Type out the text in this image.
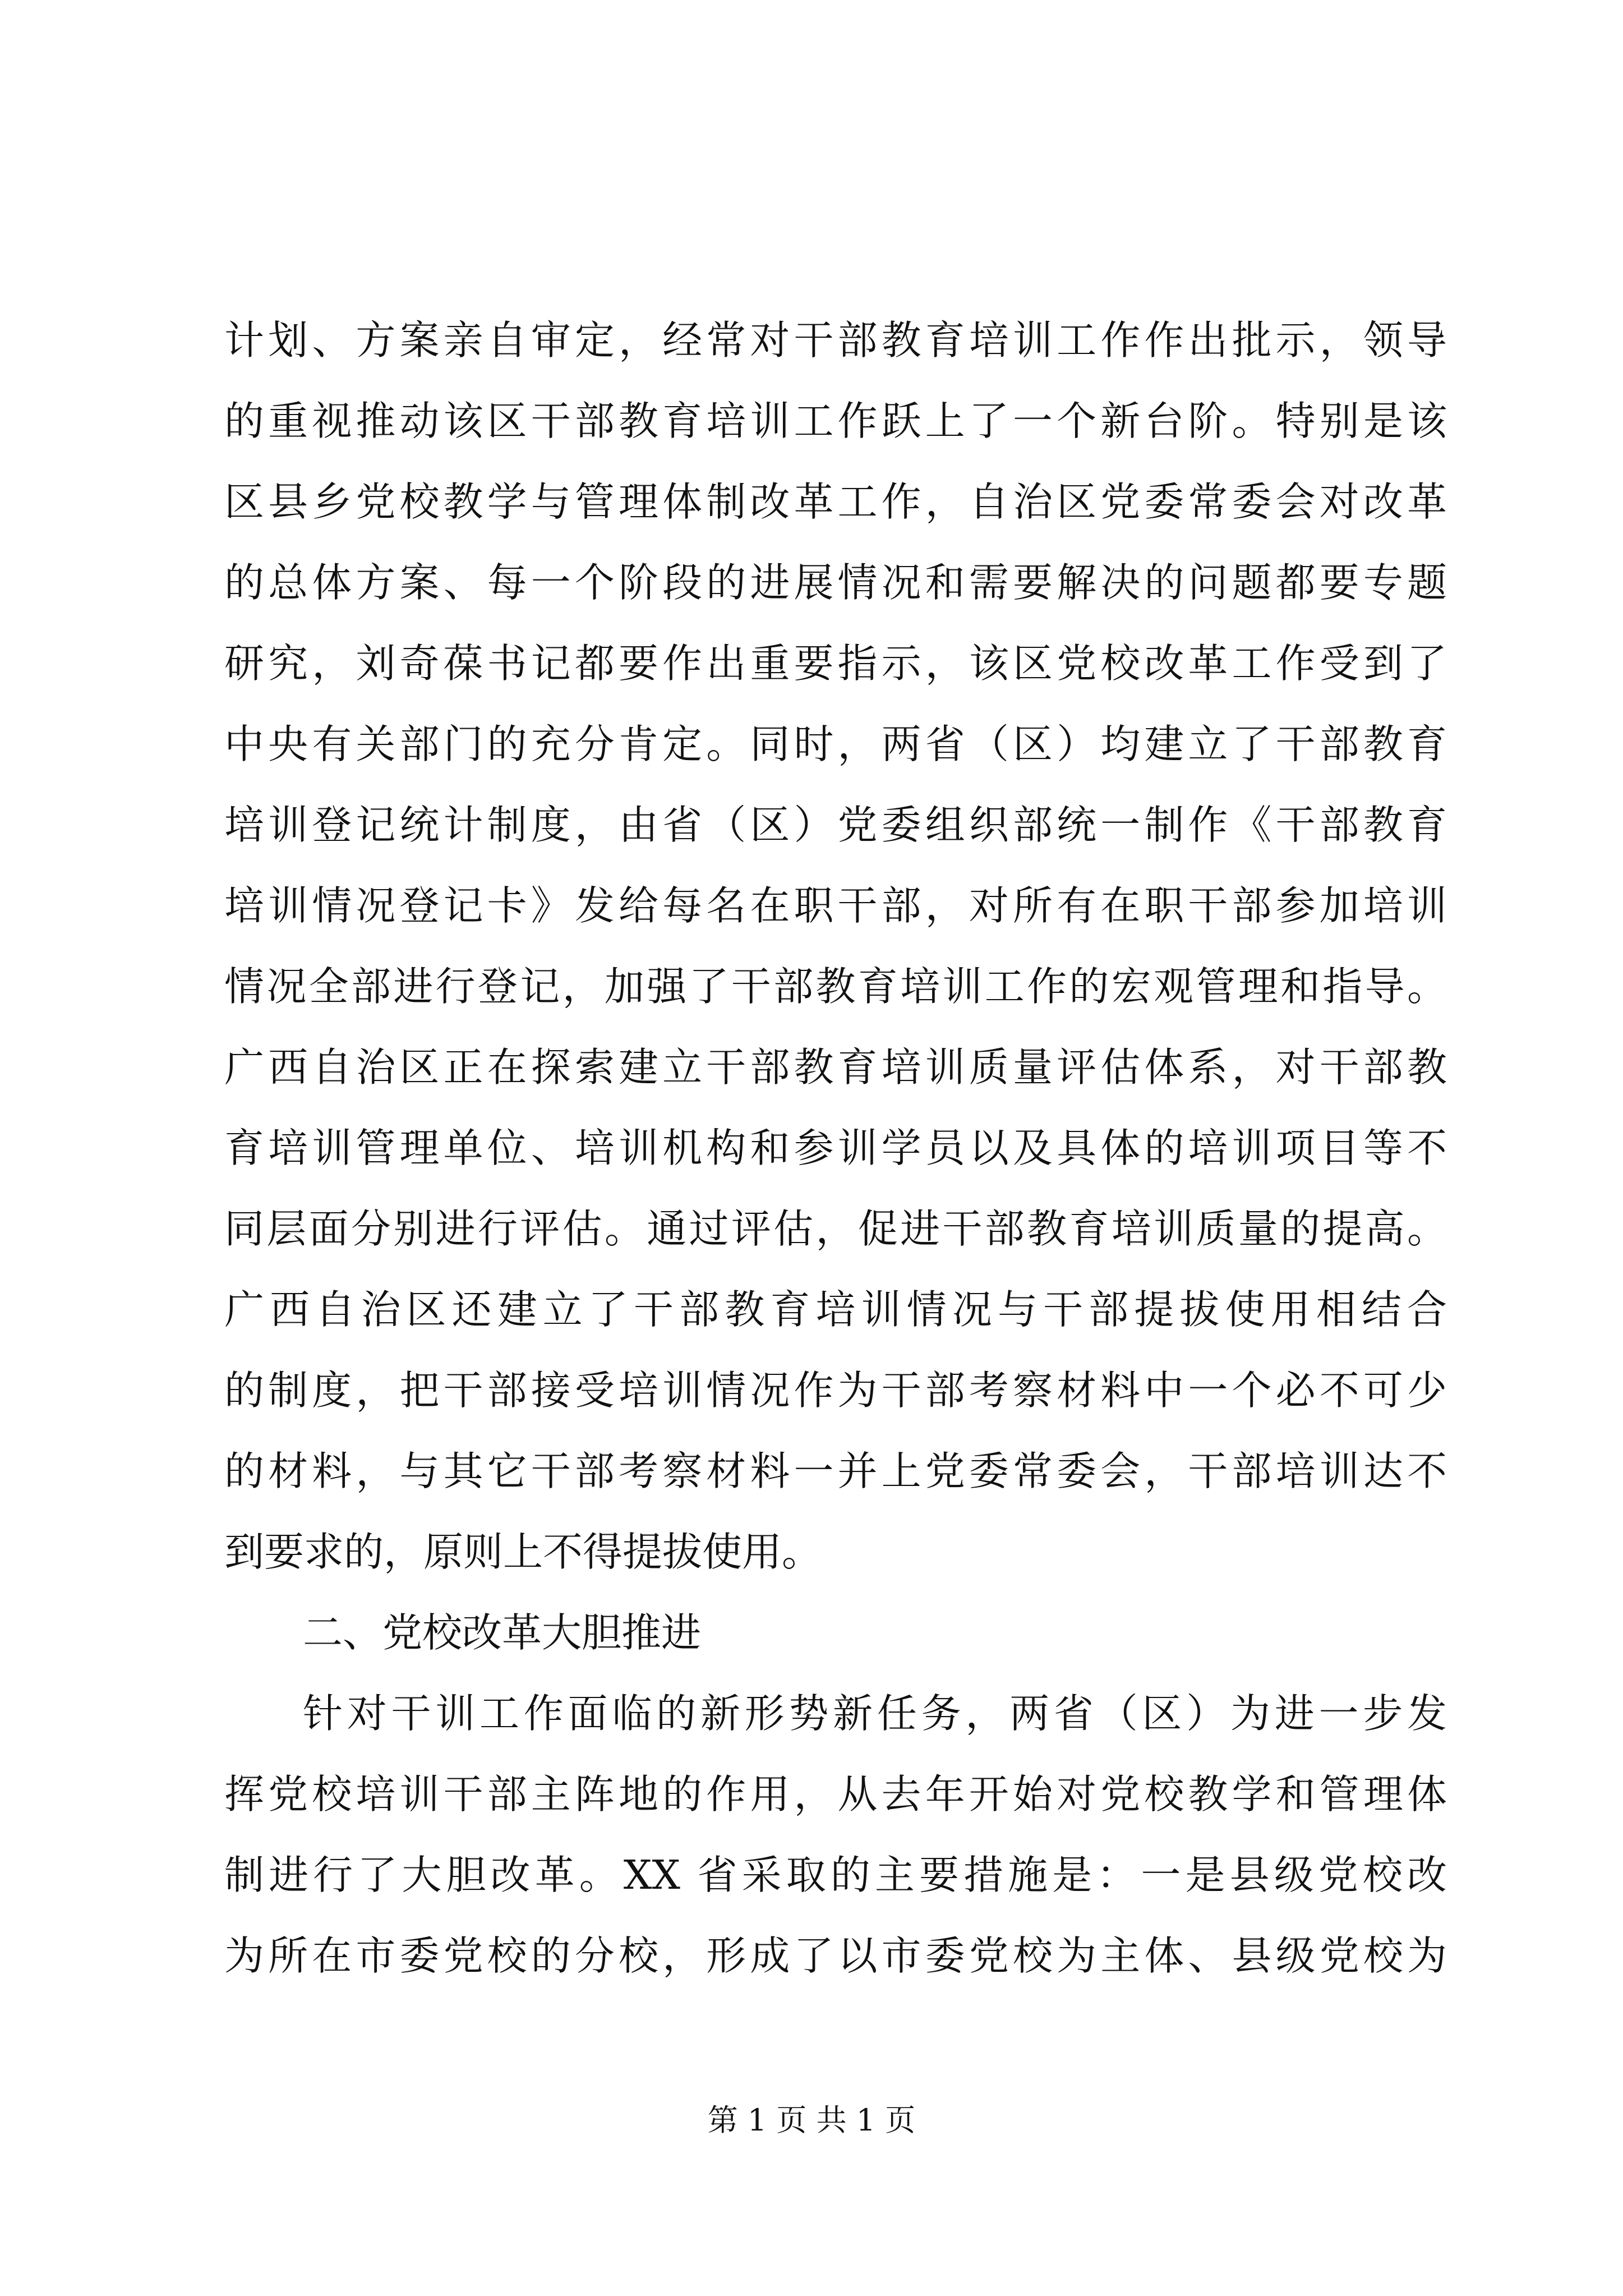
计划、方案亲自审定，经常对干部教育培训工作作出批示，领导
的重视推动该区干部教育培训工作跃上了一个新台阶。特别是该
区县乡党校教学与管理体制改革工作，自治区党委常委会对改革
的总体方案、每一个阶段的进展情况和需要解决的问题都要专题
研究，刘奇葆书记都要作出重要指示，该区党校改革工作受到了
中央有关部门的充分肯定。同时，两省（区）均建立了干部教育
培训登记统计制度，由省（区）党委组织部统一制作《干部教育
培训情况登记卡》发给每名在职干部，对所有在职干部参加培训
情况全部进行登记，加强了干部教育培训工作的宏观管理和指导。
广西自治区正在探索建立干部教育培训质量评估体系，对干部教
育培训管理单位、培训机构和参训学员以及具体的培训项目等不
同层面分别进行评估。通过评估，促进干部教育培训质量的提高。
广西自治区还建立了干部教育培训情况与干部提拔使用相结合
的制度，把干部接受培训情况作为干部考察材料中一个必不可少
的材料，与其它干部考察材料一并上党委常委会，干部培训达不
到要求的，原则上不得提拔使用。
二、党校改革大胆推进
针对干训工作面临的新形势新任务，两省（区）为进一步发
挥党校培训干部主阵地的作用，从去年开始对党校教学和管理体
制进行了大胆改革。XX 省采取的主要措施是：一是县级党校改
为所在市委党校的分校，形成了以市委党校为主体、县级党校为
第 1 页 共 1 页
